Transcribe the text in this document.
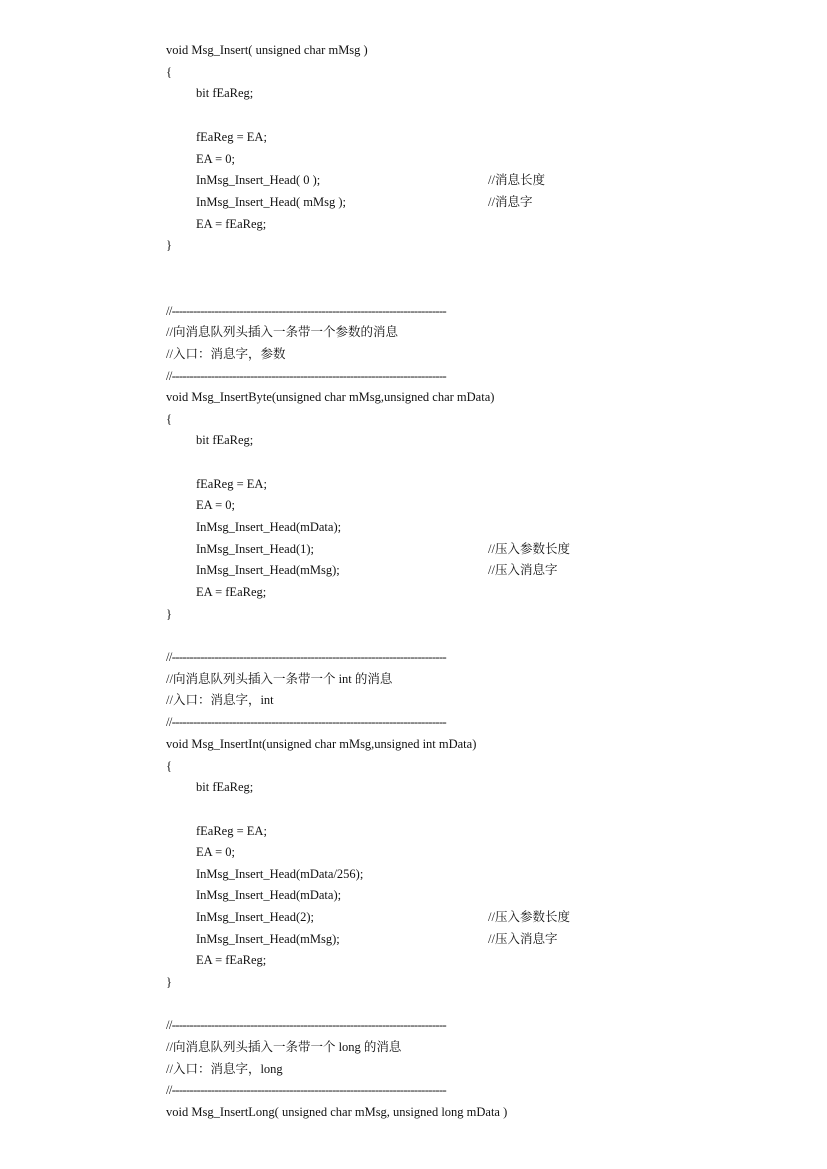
void Msg_Insert( unsigned char mMsg )
{
bit fEaReg;
fEaReg = EA;
EA = 0;
InMsg_Insert_Head( 0 );	//消息长度
InMsg_Insert_Head( mMsg );	//消息字
EA = fEaReg;
}
//-----------------------------------------------------------------------------
//向消息队列头插入一条带一个参数的消息
//入口：消息字，参数
//-----------------------------------------------------------------------------
void Msg_InsertByte(unsigned char mMsg,unsigned char mData)
{
bit fEaReg;
fEaReg = EA;
EA = 0;
InMsg_Insert_Head(mData);
InMsg_Insert_Head(1);	//压入参数长度
InMsg_Insert_Head(mMsg);	//压入消息字
EA = fEaReg;
}
//-----------------------------------------------------------------------------
//向消息队列头插入一条带一个 int 的消息
//入口：消息字，int
//-----------------------------------------------------------------------------
void Msg_InsertInt(unsigned char mMsg,unsigned int mData)
{
bit fEaReg;
fEaReg = EA;
EA = 0;
InMsg_Insert_Head(mData/256);
InMsg_Insert_Head(mData);
InMsg_Insert_Head(2);	//压入参数长度
InMsg_Insert_Head(mMsg);	//压入消息字
EA = fEaReg;
}
//-----------------------------------------------------------------------------
//向消息队列头插入一条带一个 long 的消息
//入口：消息字，long
//-----------------------------------------------------------------------------
void Msg_InsertLong( unsigned char mMsg, unsigned long mData )
